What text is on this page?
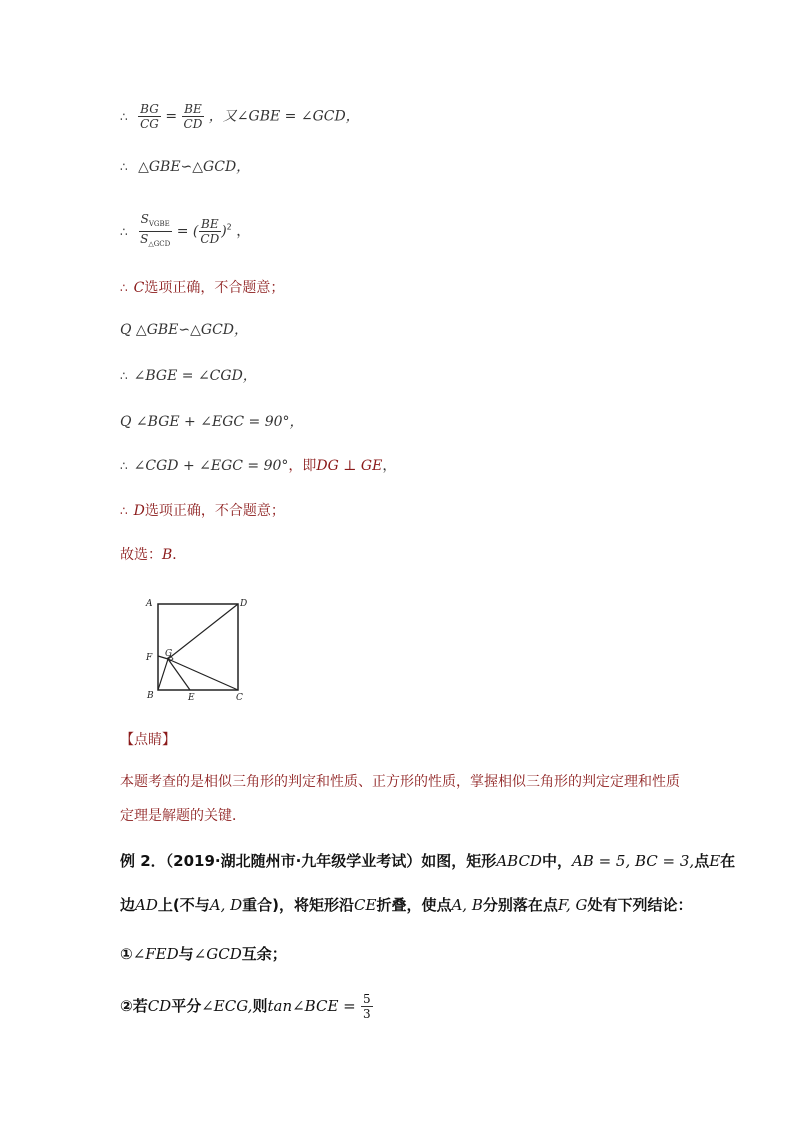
∴ $\frac{BG}{CG} = \frac{BE}{CD}$ ，又∠GBE = ∠GCD，
∴ △GBE∽△GCD，
∴ $\frac{S_{VGBE}}{S_{\triangle GCD}}$ = ( $\frac{BE}{CD} )^2$ ，
∴ C选项正确，不合题意；
Q △GBE∽△GCD，
∴ ∠BGE = ∠CGD，
Q ∠BGE + ∠EGC = 90°，
∴ ∠CGD + ∠EGC = 90°，即DG ⊥ GE，
∴ D选项正确，不合题意；
故选：B．
A	D
F G
B	E	C
【点睛】
本题考查的是相似三角形的判定和性质、正方形的性质，掌握相似三角形的判定定理和性质
定理是解题的关键．
例 2．（2019·湖北随州市·九年级学业考试）如图，矩形ABCD中，AB = 5, BC = 3,点E在
边AD上(不与A, D重合)，将矩形沿CE折叠，使点A, B分别落在点F, G处有下列结论：
①∠FED与∠GCD互余；
②若CD平分∠ECG,则tan∠BCE = $\frac{5}{3}$
